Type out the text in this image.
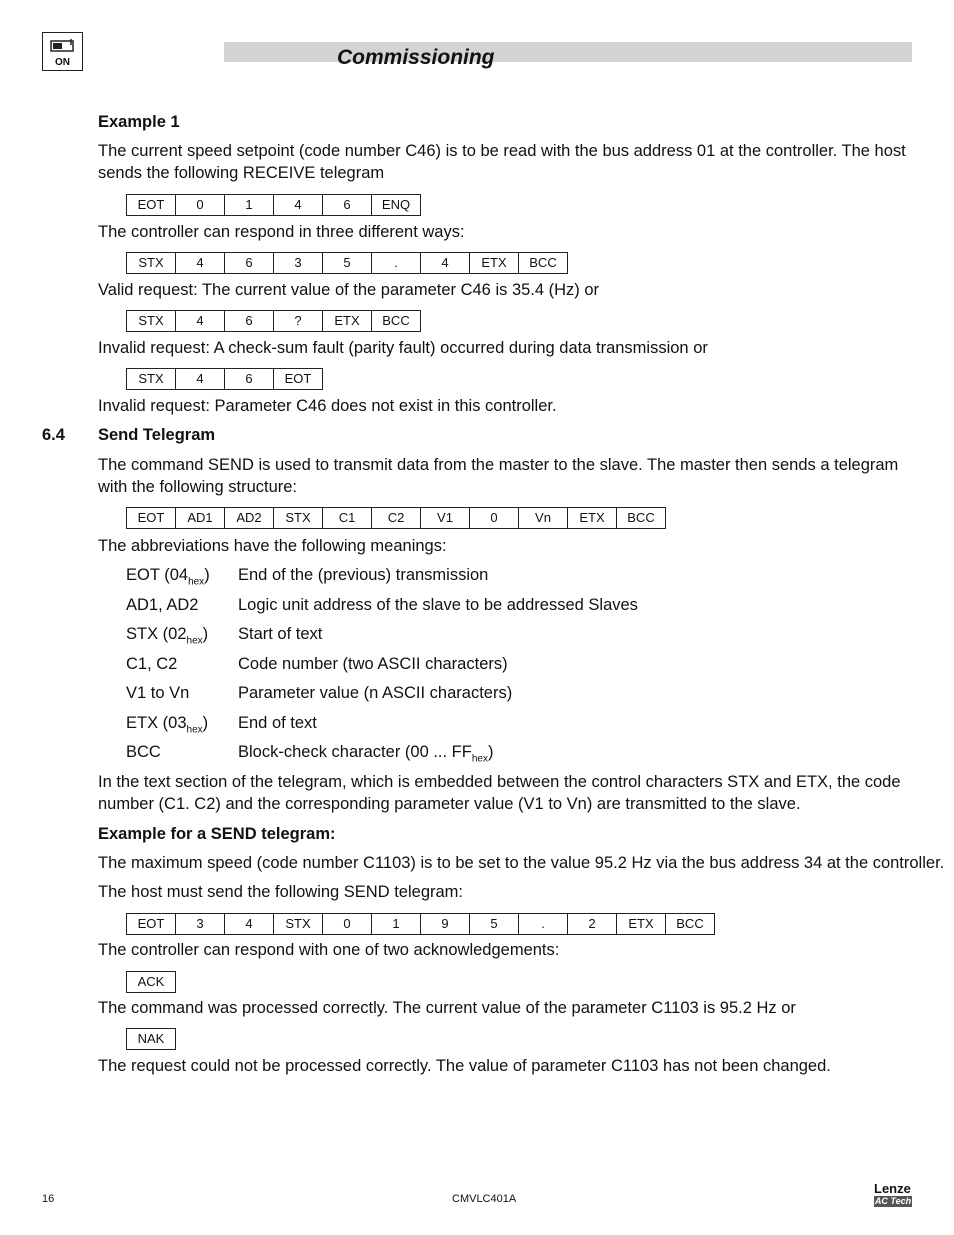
ON	Commissioning
Example 1
The current speed setpoint (code number C46) is to be read with the bus address 01 at the controller. The host sends the following RECEIVE telegram
EOT	0	1	4	6	ENQ
The controller can respond in three different ways:
STX	4	6	3	5	.	4	ETX	BCC
Valid request: The current value of the parameter C46 is 35.4 (Hz) or
STX	4	6	?	ETX	BCC
Invalid request: A check-sum fault (parity fault) occurred during data transmission or
STX	4	6	EOT
Invalid request: Parameter C46 does not exist in this controller.
6.4 Send Telegram
The command SEND is used to transmit data from the master to the slave. The master then sends a telegram with the following structure:
EOT	AD1	AD2	STX	C1	C2	V1	0	Vn	ETX	BCC
The abbreviations have the following meanings:
EOT $(04_{hex})$ End of the (previous) transmission
AD1, AD2 Logic unit address of the slave to be addressed Slaves
STX $(02_{hex})$ Start of text
C1, C2	Code number (two ASCII characters)
V1 to Vn	Parameter value (n ASCII characters)
ETX $(03_{hex})$ End of text
BCC	Block-check character (00 ... $FF_{hex}$)
In the text section of the telegram, which is embedded between the control characters STX and ETX, the code number (C1. C2) and the corresponding parameter value (V1 to Vn) are transmitted to the slave.
Example for a SEND telegram:
The maximum speed (code number C1103) is to be set to the value 95.2 Hz via the bus address 34 at the controller.
The host must send the following SEND telegram:
EOT	3	4	STX	0	1	9	5	.	2	ETX	BCC
The controller can respond with one of two acknowledgements:
ACK
The command was processed correctly. The current value of the parameter C1103 is 95.2 Hz or
NAK
The request could not be processed correctly. The value of parameter C1103 has not been changed.
16	CMVLC401A
Lenze
AC Tech
